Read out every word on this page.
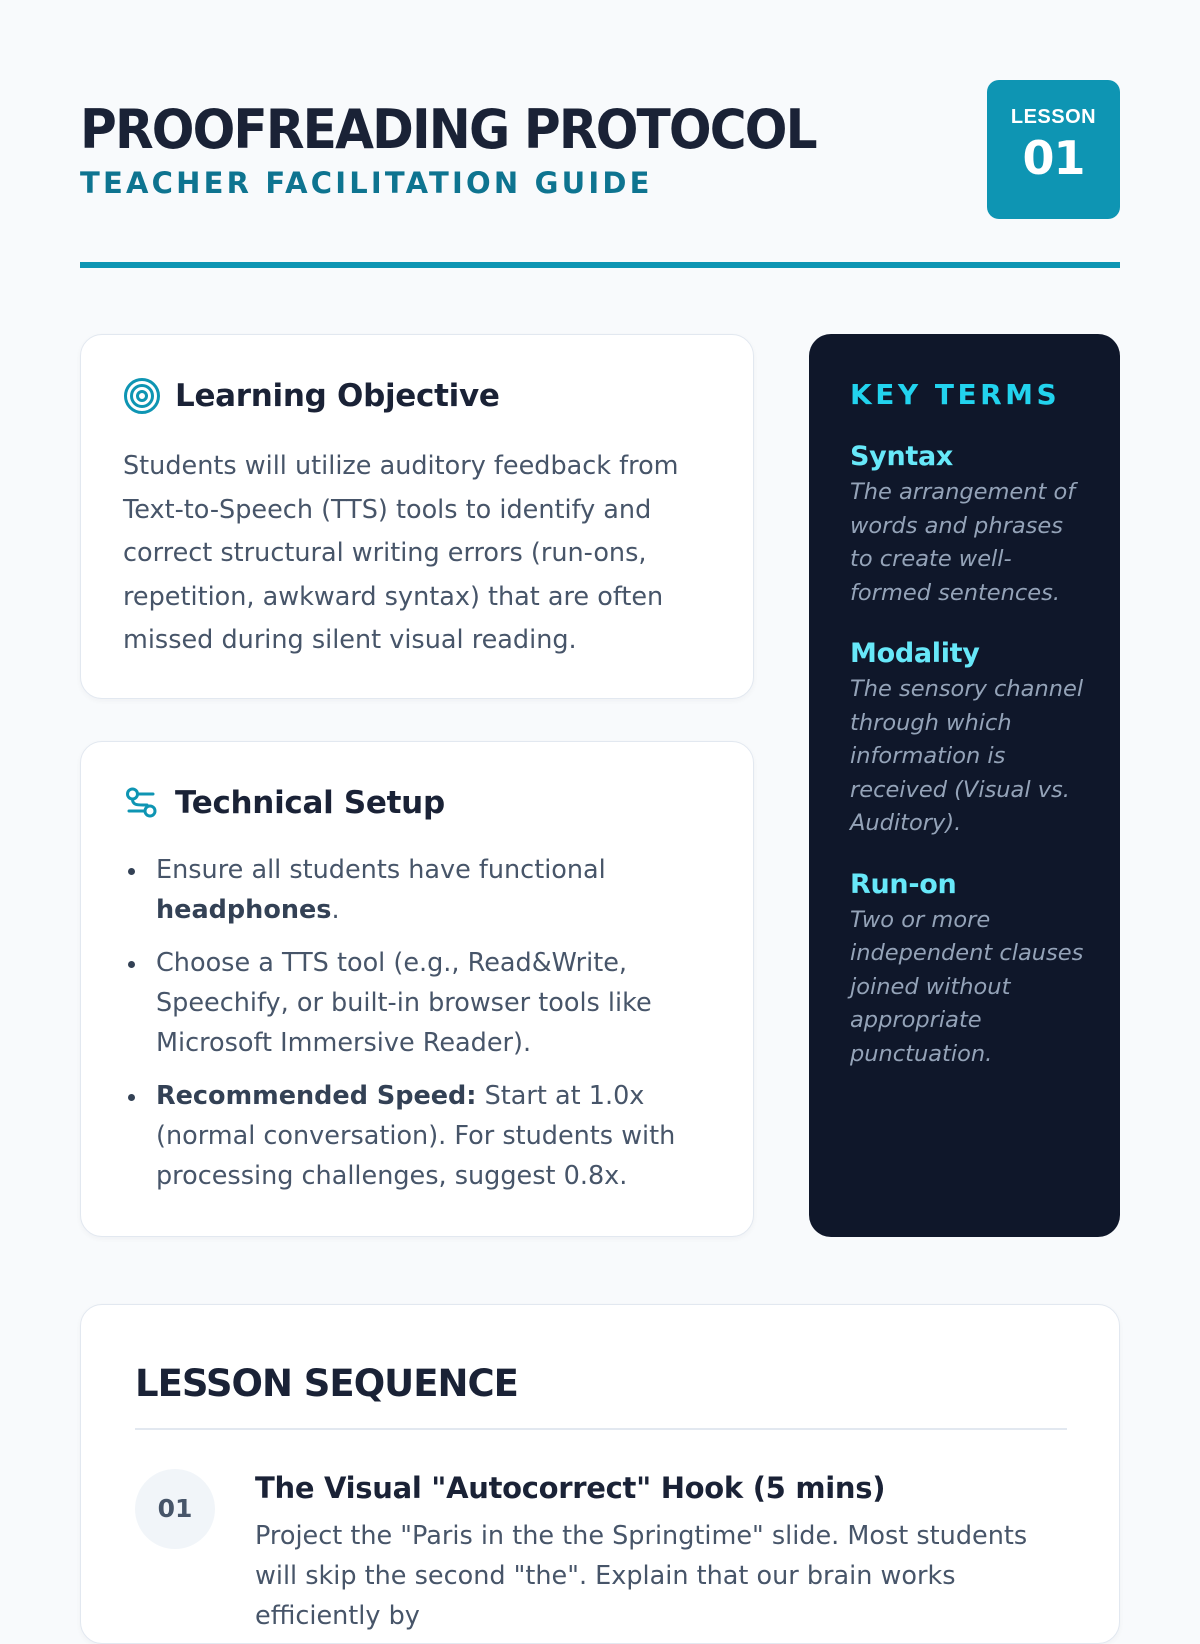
PROOFREADING PROTOCOL
TEACHER FACILITATION GUIDE
LESSON
01
Learning Objective

Students will utilize auditory feedback from Text-to-Speech (TTS) tools to identify and correct structural writing errors (run-ons, repetition, awkward syntax) that are often missed during silent visual reading.

Technical Setup
Ensure all students have functional headphones.
Choose a TTS tool (e.g., Read&Write, Speechify, or built-in browser tools like Microsoft Immersive Reader).
Recommended Speed: Start at 1.0x (normal conversation). For students with processing challenges, suggest 0.8x.
KEY TERMS
Syntax
The arrangement of words and phrases to create well-formed sentences.
Modality
The sensory channel through which information is received (Visual vs. Auditory).
Run-on
Two or more independent clauses joined without appropriate punctuation.
LESSON SEQUENCE
01
The Visual "Autocorrect" Hook (5 mins)
Project the "Paris in the the Springtime" slide. Most students will skip the second "the". Explain that our brain works efficiently by
